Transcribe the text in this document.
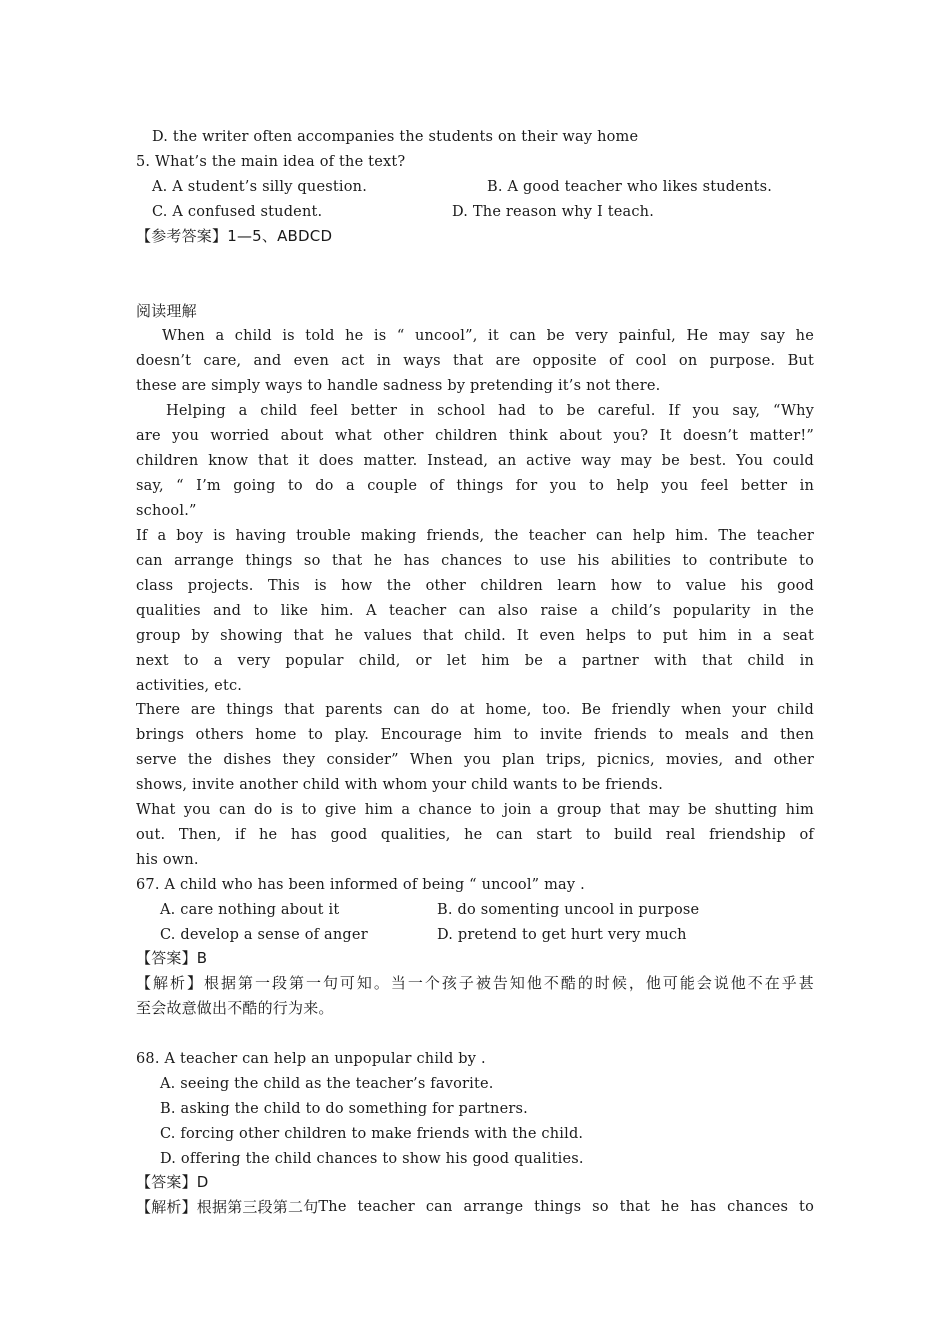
D. the writer often accompanies the students on their way home
5. What’s the main idea of the text?
A. A student’s silly question.	B. A good teacher who likes students.
C. A confused student.	D. The reason why I teach.
【参考答案】1—5、ABDCD
阅读理解
When a child is told he is “ uncool”, it can be very painful, He may say he
doesn’t care, and even act in ways that are opposite of cool on purpose. But
these are simply ways to handle sadness by pretending it’s not there.
Helping a child feel better in school had to be careful. If you say, “Why
are you worried about what other children think about you? It doesn’t matter!”
children know that it does matter. Instead, an active way may be best. You could
say, “ I’m going to do a couple of things for you to help you feel better in
school.”
If a boy is having trouble making friends, the teacher can help him. The teacher
can arrange things so that he has chances to use his abilities to contribute to
class projects. This is how the other children learn how to value his good
qualities and to like him. A teacher can also raise a child’s popularity in the
group by showing that he values that child. It even helps to put him in a seat
next to a very popular child, or let him be a partner with that child in
activities, etc.
There are things that parents can do at home, too. Be friendly when your child
brings others home to play. Encourage him to invite friends to meals and then
serve the dishes they consider” When you plan trips, picnics, movies, and other
shows, invite another child with whom your child wants to be friends.
What you can do is to give him a chance to join a group that may be shutting him
out. Then, if he has good qualities, he can start to build real friendship of
his own.
67. A child who has been informed of being “ uncool” may .
A. care nothing about it	B. do somenting uncool in purpose
C. develop a sense of anger	D. pretend to get hurt very much
【答案】B
【解析】根据第一段第一句可知。当一个孩子被告知他不酷的时候，他可能会说他不在乎甚
至会故意做出不酷的行为来。
68. A teacher can help an unpopular child by .
A. seeing the child as the teacher’s favorite.
B. asking the child to do something for partners.
C. forcing other children to make friends with the child.
D. offering the child chances to show his good qualities.
【答案】D
【解析】根据第三段第二句 The teacher can arrange things so that he has chances to
